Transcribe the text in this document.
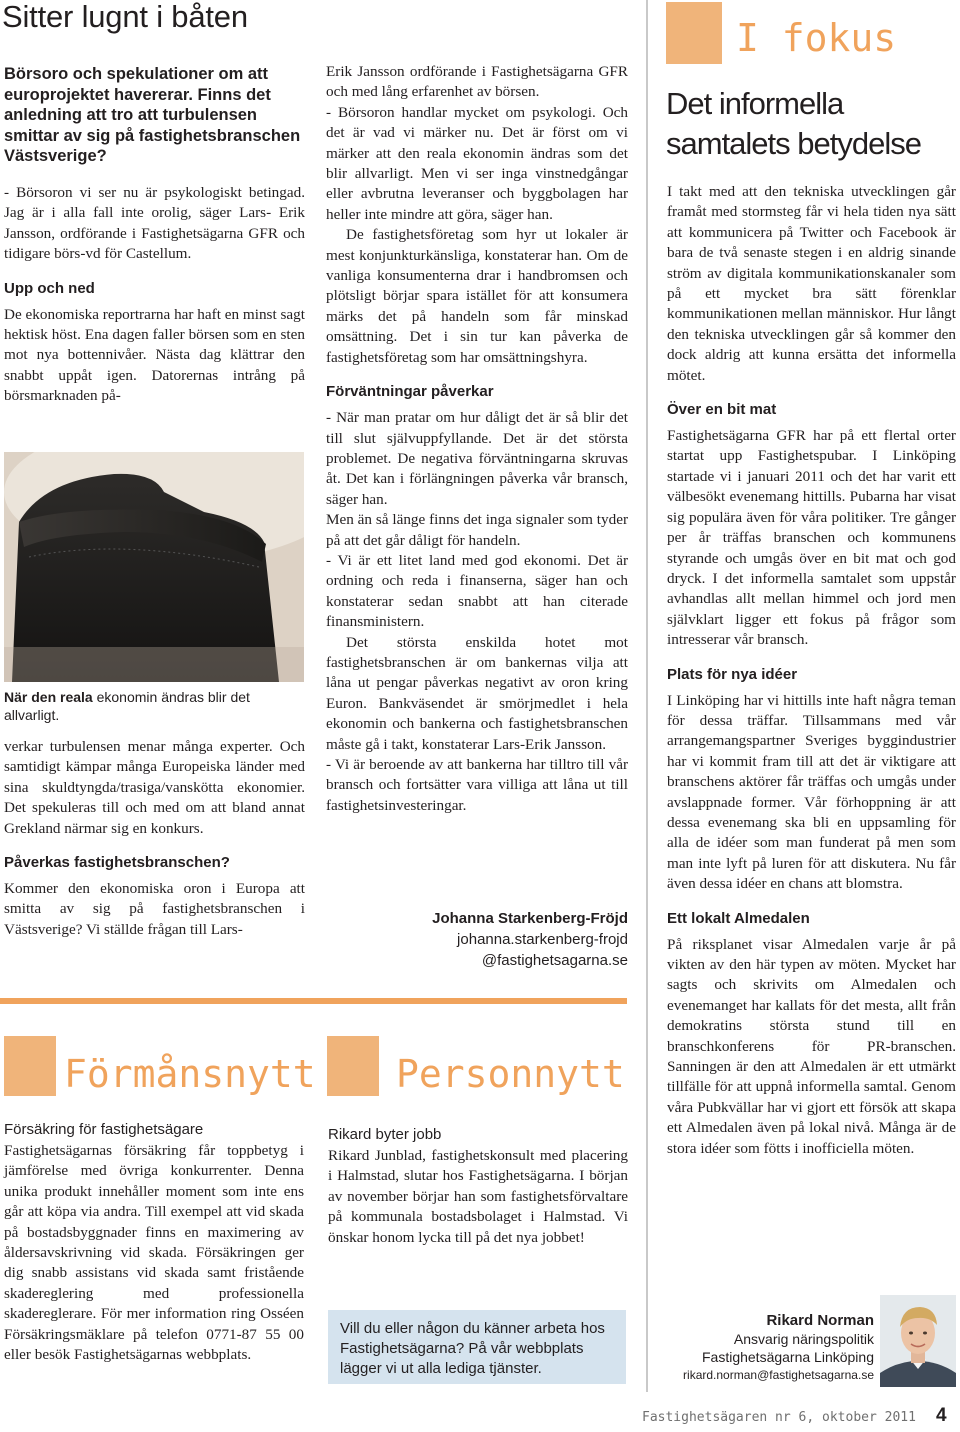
Sitter lugnt i båten
Börsoro och spekulationer om att europrojektet havererar. Finns det anledning att tro att turbulensen smittar av sig på fastighetsbranschen Västsverige?

- Börsoron vi ser nu är psykologiskt betingad. Jag är i alla fall inte orolig, säger Lars- Erik Jansson, ordförande i Fastighetsägarna GFR och tidigare börs-vd för Castellum.

Upp och ned

De ekonomiska reportrarna har haft en minst sagt hektisk höst. Ena dagen faller börsen som en sten mot nya bottennivåer. Nästa dag klättrar den snabbt uppåt igen. Datorernas intrång på börsmarknaden på-

När den reala ekonomin ändras blir det allvarligt.

verkar turbulensen menar många experter. Och samtidigt kämpar många Europeiska länder med sina skuldtyngda/trasiga/vanskötta ekonomier. Det spekuleras till och med om att bland annat Grekland närmar sig en konkurs.

Påverkas fastighetsbranschen?

Kommer den ekonomiska oron i Europa att smitta av sig på fastighetsbranschen i Västsverige? Vi ställde frågan till Lars-

Erik Jansson ordförande i Fastighetsägarna GFR och med lång erfarenhet av börsen.

- Börsoron handlar mycket om psykologi. Och det är vad vi märker nu. Det är först om vi märker att den reala ekonomin ändras som det blir allvarligt. Men vi ser inga vinstnedgångar eller avbrutna leveranser och byggbolagen har heller inte mindre att göra, säger han.

De fastighetsföretag som hyr ut lokaler är mest konjunkturkänsliga, konstaterar han. Om de vanliga konsumenterna drar i handbromsen och plötsligt börjar spara istället för att konsumera märks det på handeln som får minskad omsättning. Det i sin tur kan påverka de fastighetsföretag som har omsättningshyra.

Förväntningar påverkar

- När man pratar om hur dåligt det är så blir det till slut självuppfyllande. Det är det största problemet. De negativa förväntningarna skruvas åt. Det kan i förlängningen påverka vår bransch, säger han.

Men än så länge finns det inga signaler som tyder på att det går dåligt för handeln.

- Vi är ett litet land med god ekonomi. Det är ordning och reda i finanserna, säger han och konstaterar sedan snabbt att han citerade finansministern.

Det största enskilda hotet mot fastighetsbranschen är om bankernas vilja att låna ut pengar påverkas negativt av oron kring Euron. Bankväsendet är smörjmedlet i hela ekonomin och bankerna och fastighetsbranschen måste gå i takt, konstaterar Lars-Erik Jansson.

- Vi är beroende av att bankerna har tilltro till vår bransch och fortsätter vara villiga att låna ut till fastighetsinvesteringar.

Johanna Starkenberg-Fröjd
johanna.starkenberg-frojd
@fastighetsagarna.se
Förmånsnytt
Försäkring för fastighetsägare
Fastighetsägarnas försäkring får toppbetyg i jämförelse med övriga konkurrenter. Denna unika produkt innehåller moment som inte ens går att köpa via andra. Till exempel att vid skada på bostadsbyggnader finns en maximering av åldersavskrivning vid skada. Försäkringen ger dig snabb assistans vid skada samt fristående skadereglering med professionella skadereglerare. För mer information ring Osséen Försäkringsmäklare på telefon 0771-87 55 00 eller besök Fastighetsägarnas webbplats.
Personnytt
Rikard byter jobb
Rikard Junblad, fastighetskonsult med placering i Halmstad, slutar hos Fastighetsägarna. I början av november börjar han som fastighetsförvaltare på kommunala bostadsbolaget i Halmstad. Vi önskar honom lycka till på det nya jobbet!
Vill du eller någon du känner arbeta hos Fastighetsägarna? På vår webbplats lägger vi ut alla lediga tjänster.
I fokus
Det informella samtalets betydelse

I takt med att den tekniska utvecklingen går framåt med stormsteg får vi hela tiden nya sätt att kommunicera på Twitter och Facebook är bara de två senaste stegen i en aldrig sinande ström av digitala kommunikationskanaler som på ett mycket bra sätt förenklar kommunikationen mellan människor. Hur långt den tekniska utvecklingen går så kommer den dock aldrig att kunna ersätta det informella mötet.

Över en bit mat

Fastighetsägarna GFR har på ett flertal orter startat upp Fastighetspubar. I Linköping startade vi i januari 2011 och det har varit ett välbesökt evenemang hittills. Pubarna har visat sig populära även för våra politiker. Tre gånger per år träffas branschen och kommunens styrande och umgås över en bit mat och god dryck. I det informella samtalet som uppstår avhandlas allt mellan himmel och jord men självklart ligger ett fokus på frågor som intresserar vår bransch.

Plats för nya idéer

I Linköping har vi hittills inte haft några teman för dessa träffar. Tillsammans med vår arrangemangspartner Sveriges byggindustrier har vi kommit fram till att det är viktigare att branschens aktörer får träffas och umgås under avslappnade former. Vår förhoppning är att dessa evenemang ska bli en uppsamling för alla de idéer som man funderat på men som man inte lyft på luren för att diskutera. Nu får även dessa idéer en chans att blomstra.

Ett lokalt Almedalen

På riksplanet visar Almedalen varje år på vikten av den här typen av möten. Mycket har sagts och skrivits om Almedalen och evenemanget har kallats för det mesta, allt från demokratins största stund till en branschkonferens för PR-branschen. Sanningen är den att Almedalen är ett utmärkt tillfälle för att uppnå informella samtal. Genom våra Pubkvällar har vi gjort ett försök att skapa ett Almedalen även på lokal nivå. Många är de stora idéer som fötts i inofficiella möten.

Rikard Norman
Ansvarig näringspolitik
Fastighetsägarna Linköping
rikard.norman@fastighetsagarna.se
Fastighetsägaren nr 6, oktober 2011 4
